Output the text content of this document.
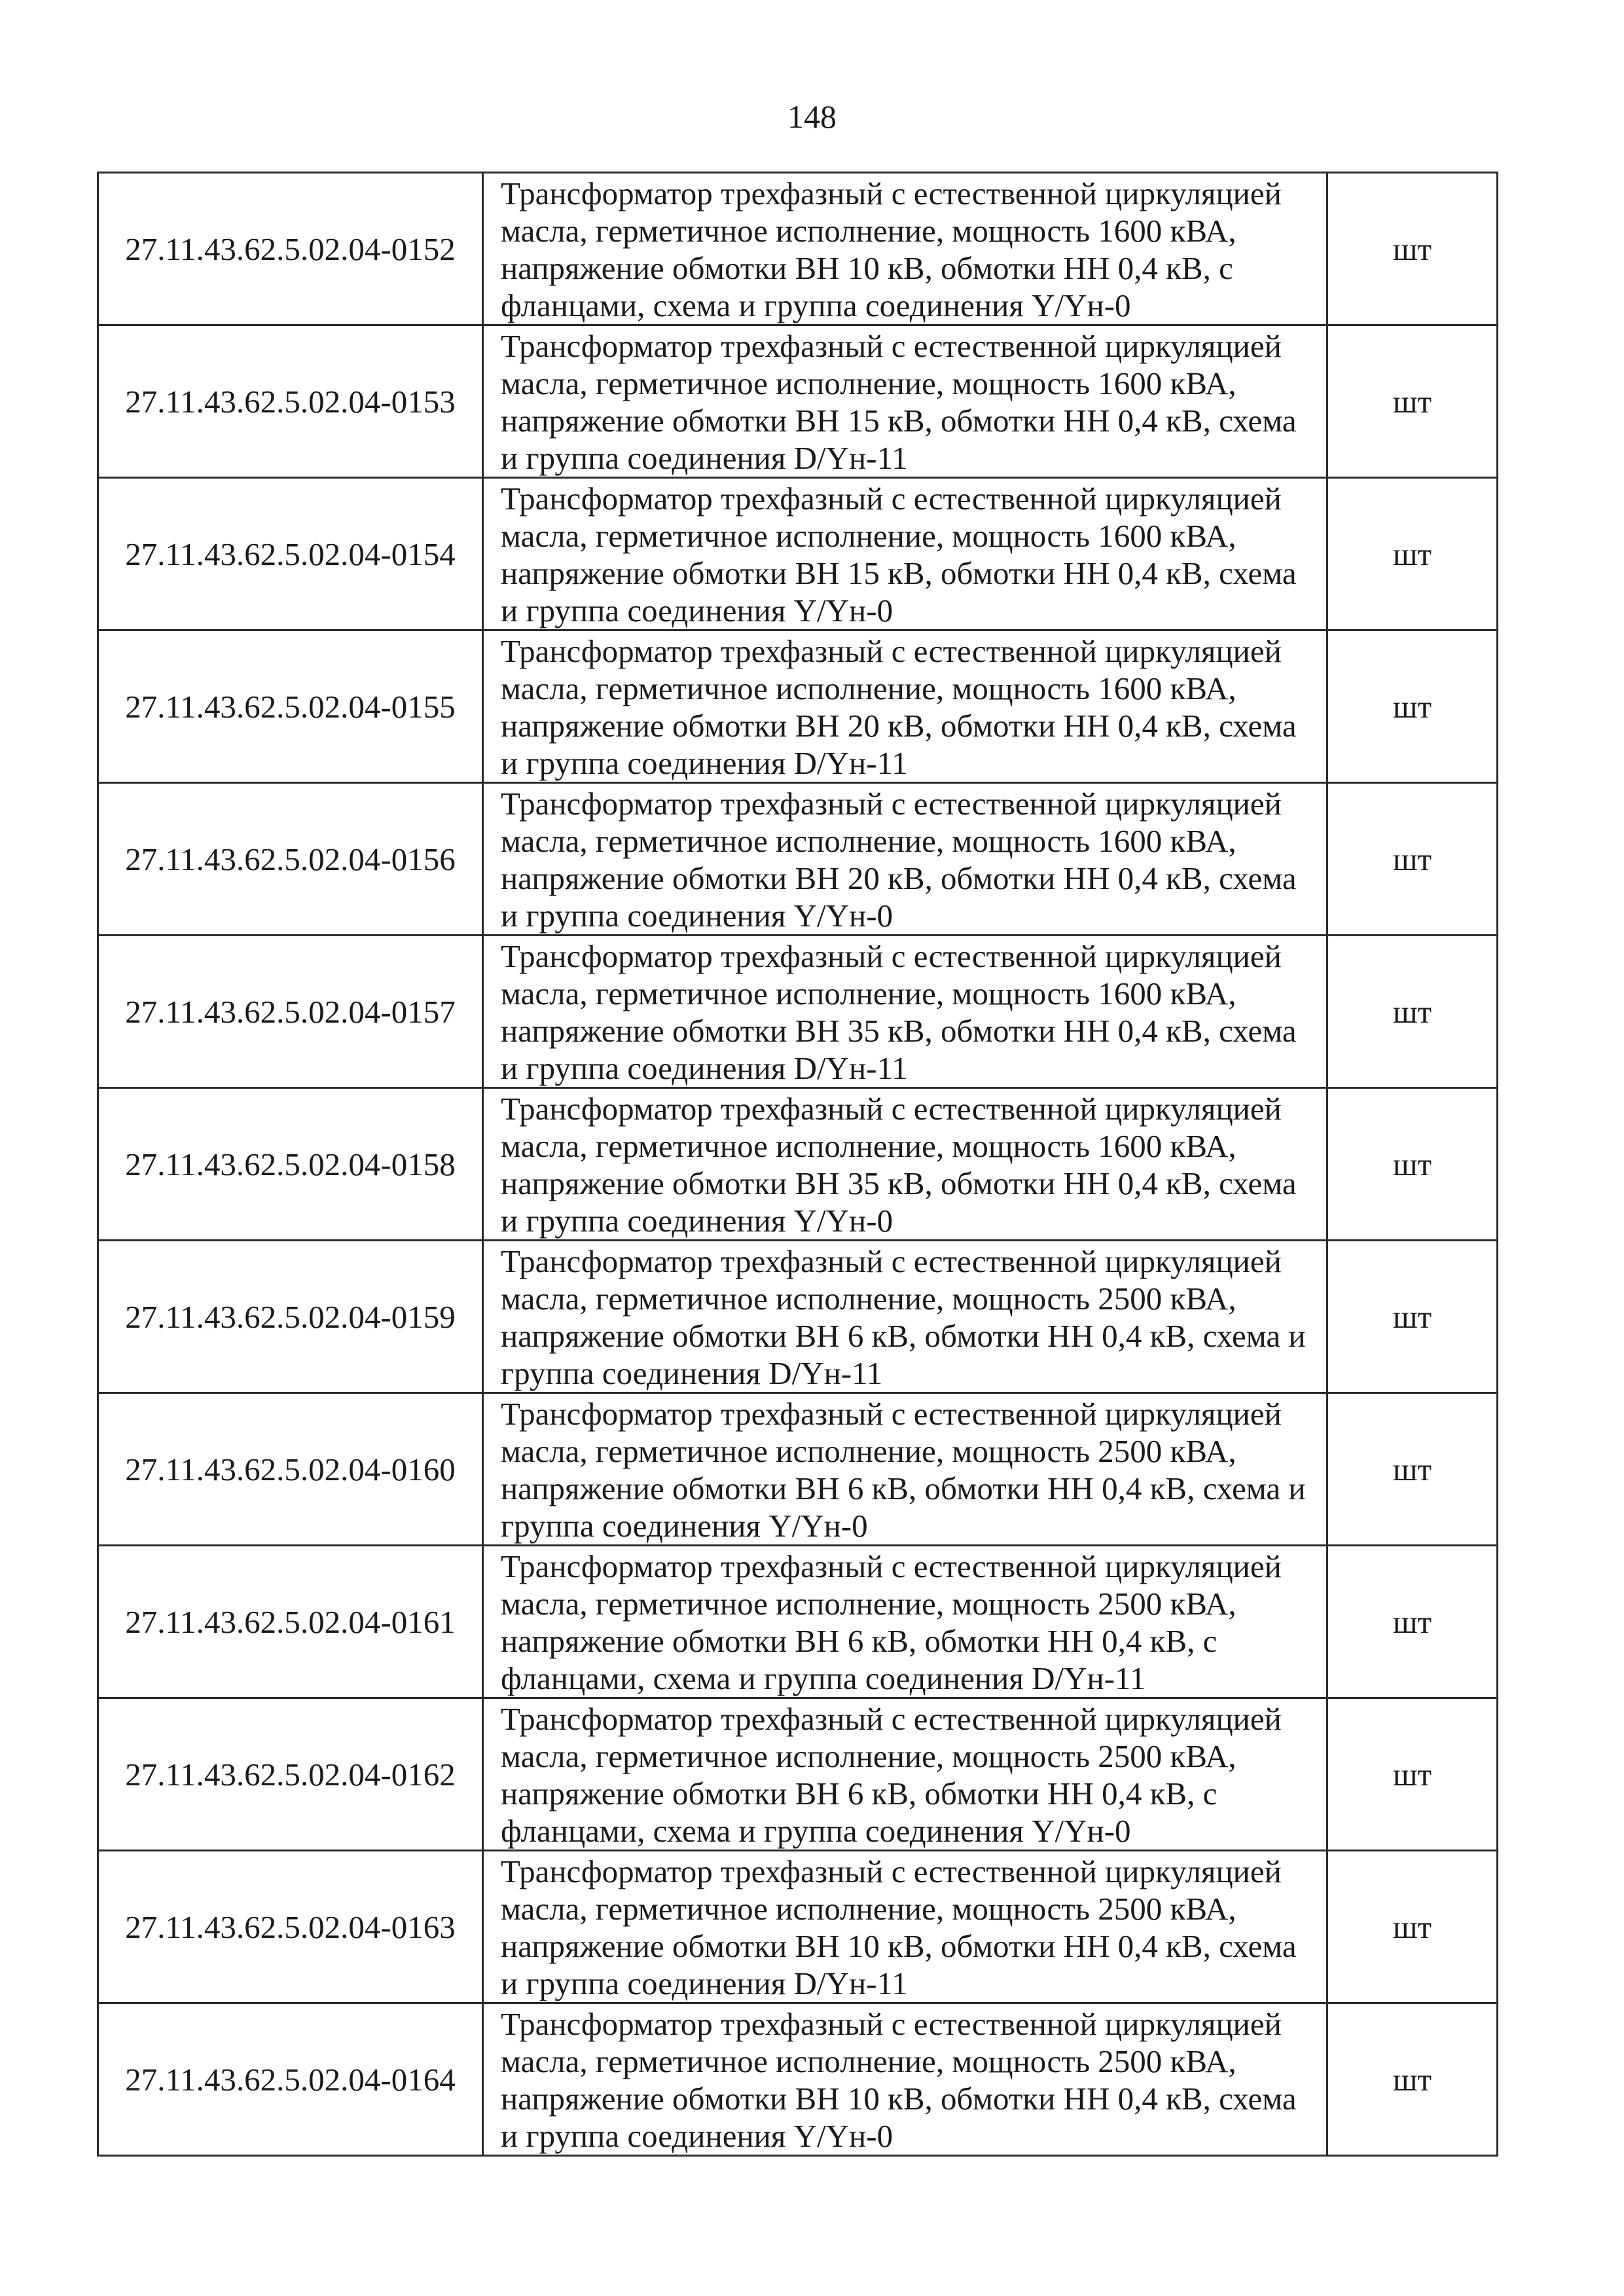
148
27.11.43.62.5.02.04-0152	Трансформатор трехфазный с естественной циркуляцией масла, герметичное исполнение, мощность 1600 кВА, напряжение обмотки ВН 10 кВ, обмотки НН 0,4 кВ, с фланцами, схема и группа соединения Y/Yн-0	шт
27.11.43.62.5.02.04-0153	Трансформатор трехфазный с естественной циркуляцией масла, герметичное исполнение, мощность 1600 кВА, напряжение обмотки ВН 15 кВ, обмотки НН 0,4 кВ, схема и группа соединения D/Yн-11	шт
27.11.43.62.5.02.04-0154	Трансформатор трехфазный с естественной циркуляцией масла, герметичное исполнение, мощность 1600 кВА, напряжение обмотки ВН 15 кВ, обмотки НН 0,4 кВ, схема и группа соединения Y/Yн-0	шт
27.11.43.62.5.02.04-0155	Трансформатор трехфазный с естественной циркуляцией масла, герметичное исполнение, мощность 1600 кВА, напряжение обмотки ВН 20 кВ, обмотки НН 0,4 кВ, схема и группа соединения D/Yн-11	шт
27.11.43.62.5.02.04-0156	Трансформатор трехфазный с естественной циркуляцией масла, герметичное исполнение, мощность 1600 кВА, напряжение обмотки ВН 20 кВ, обмотки НН 0,4 кВ, схема и группа соединения Y/Yн-0	шт
27.11.43.62.5.02.04-0157	Трансформатор трехфазный с естественной циркуляцией масла, герметичное исполнение, мощность 1600 кВА, напряжение обмотки ВН 35 кВ, обмотки НН 0,4 кВ, схема и группа соединения D/Yн-11	шт
27.11.43.62.5.02.04-0158	Трансформатор трехфазный с естественной циркуляцией масла, герметичное исполнение, мощность 1600 кВА, напряжение обмотки ВН 35 кВ, обмотки НН 0,4 кВ, схема и группа соединения Y/Yн-0	шт
27.11.43.62.5.02.04-0159	Трансформатор трехфазный с естественной циркуляцией масла, герметичное исполнение, мощность 2500 кВА, напряжение обмотки ВН 6 кВ, обмотки НН 0,4 кВ, схема и группа соединения D/Yн-11	шт
27.11.43.62.5.02.04-0160	Трансформатор трехфазный с естественной циркуляцией масла, герметичное исполнение, мощность 2500 кВА, напряжение обмотки ВН 6 кВ, обмотки НН 0,4 кВ, схема и группа соединения Y/Yн-0	шт
27.11.43.62.5.02.04-0161	Трансформатор трехфазный с естественной циркуляцией масла, герметичное исполнение, мощность 2500 кВА, напряжение обмотки ВН 6 кВ, обмотки НН 0,4 кВ, с фланцами, схема и группа соединения D/Yн-11	шт
27.11.43.62.5.02.04-0162	Трансформатор трехфазный с естественной циркуляцией масла, герметичное исполнение, мощность 2500 кВА, напряжение обмотки ВН 6 кВ, обмотки НН 0,4 кВ, с фланцами, схема и группа соединения Y/Yн-0	шт
27.11.43.62.5.02.04-0163	Трансформатор трехфазный с естественной циркуляцией масла, герметичное исполнение, мощность 2500 кВА, напряжение обмотки ВН 10 кВ, обмотки НН 0,4 кВ, схема и группа соединения D/Yн-11	шт
27.11.43.62.5.02.04-0164	Трансформатор трехфазный с естественной циркуляцией масла, герметичное исполнение, мощность 2500 кВА, напряжение обмотки ВН 10 кВ, обмотки НН 0,4 кВ, схема и группа соединения Y/Yн-0	шт
